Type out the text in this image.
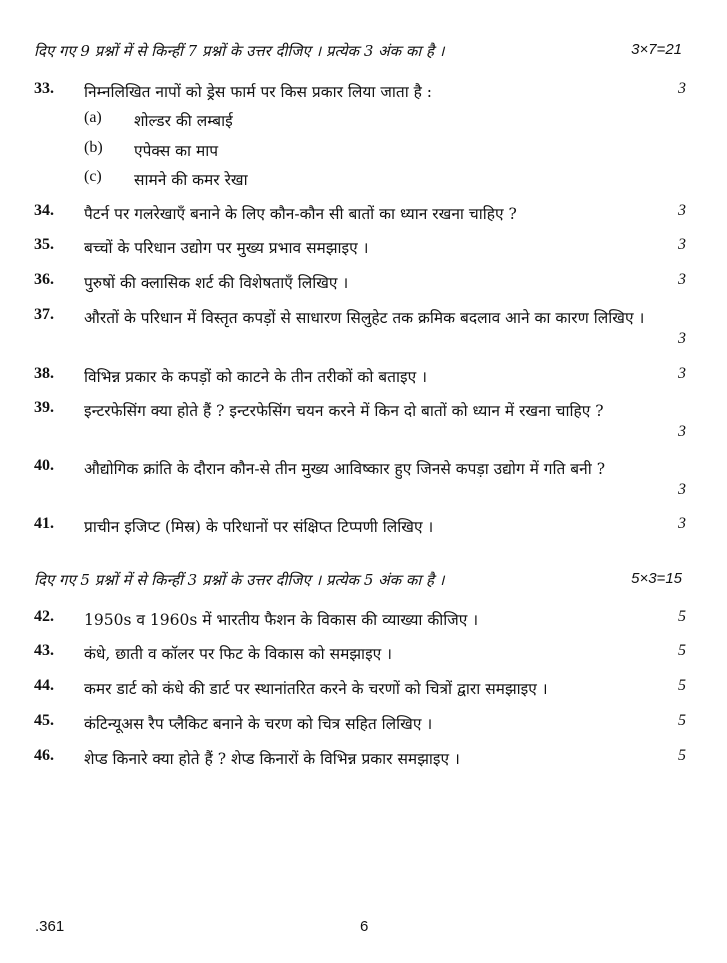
दिए गए 9 प्रश्नों में से किन्हीं 7 प्रश्नों के उत्तर दीजिए । प्रत्येक 3 अंक का है ।	3×7=21
33. निम्नलिखित नापों को ड्रेस फार्म पर किस प्रकार लिया जाता है :	3
(a) शोल्डर की लम्बाई
(b) एपेक्स का माप
(c) सामने की कमर रेखा
34. पैटर्न पर गलरेखाएँ बनाने के लिए कौन-कौन सी बातों का ध्यान रखना चाहिए ?	3
35. बच्चों के परिधान उद्योग पर मुख्य प्रभाव समझाइए ।	3
36. पुरुषों की क्लासिक शर्ट की विशेषताएँ लिखिए ।	3
37. औरतों के परिधान में विस्तृत कपड़ों से साधारण सिलुहेट तक क्रमिक बदलाव आने का कारण लिखिए ।
3
38. विभिन्न प्रकार के कपड़ों को काटने के तीन तरीकों को बताइए ।	3
39. इन्टरफेसिंग क्या होते हैं ? इन्टरफेसिंग चयन करने में किन दो बातों को ध्यान में रखना चाहिए ?
3
40. औद्योगिक क्रांति के दौरान कौन-से तीन मुख्य आविष्कार हुए जिनसे कपड़ा उद्योग में गति बनी ?
3
41. प्राचीन इजिप्ट (मिस्र) के परिधानों पर संक्षिप्त टिप्पणी लिखिए ।	3
दिए गए 5 प्रश्नों में से किन्हीं 3 प्रश्नों के उत्तर दीजिए । प्रत्येक 5 अंक का है ।	5×3=15
42. 1950s व 1960s में भारतीय फैशन के विकास की व्याख्या कीजिए ।	5
43. कंधे, छाती व कॉलर पर फिट के विकास को समझाइए ।	5
44. कमर डार्ट को कंधे की डार्ट पर स्थानांतरित करने के चरणों को चित्रों द्वारा समझाइए ।	5
45. कंटिन्यूअस रैप प्लैकिट बनाने के चरण को चित्र सहित लिखिए ।	5
46. शेप्ड किनारे क्या होते हैं ? शेप्ड किनारों के विभिन्न प्रकार समझाइए ।	5
.361	6
